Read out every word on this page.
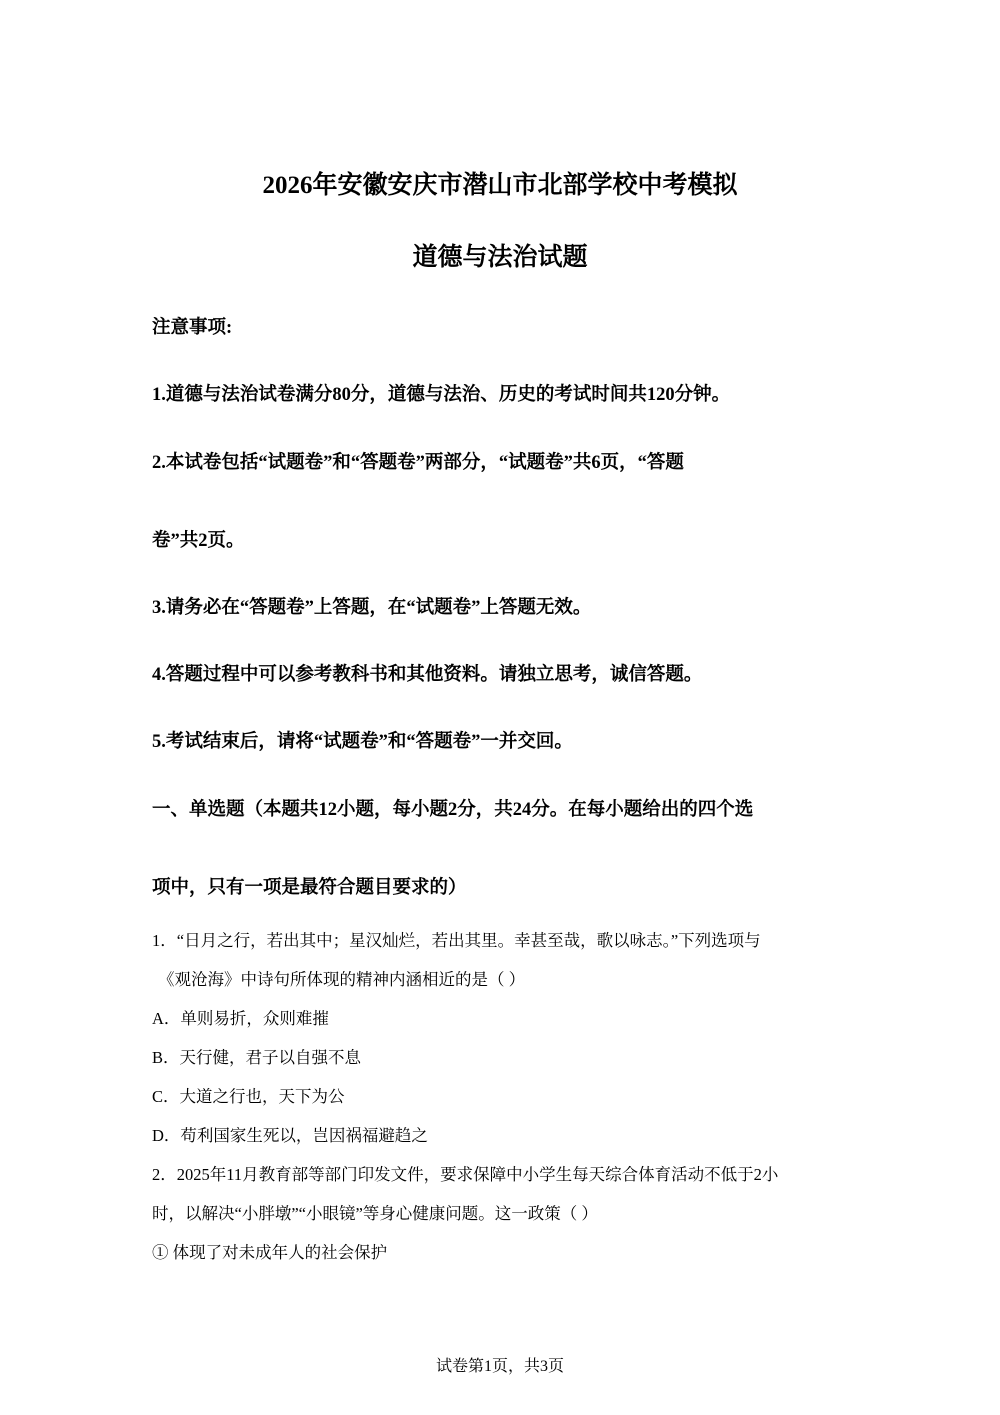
2026年安徽安庆市潜山市北部学校中考模拟
道德与法治试题
注意事项:
1.道德与法治试卷满分80分，道德与法治、历史的考试时间共120分钟。
2.本试卷包括“试题卷”和“答题卷”两部分，“试题卷”共6页，“答题
卷”共2页。
3.请务必在“答题卷”上答题，在“试题卷”上答题无效。
4.答题过程中可以参考教科书和其他资料。请独立思考，诚信答题。
5.考试结束后，请将“试题卷”和“答题卷”一并交回。
一、单选题（本题共12小题，每小题2分，共24分。在每小题给出的四个选
项中，只有一项是最符合题目要求的）
1．“日月之行，若出其中；星汉灿烂，若出其里。幸甚至哉，歌以咏志。”下列选项与
《观沧海》中诗句所体现的精神内涵相近的是（ ）
A．单则易折，众则难摧
B．天行健，君子以自强不息
C．大道之行也，天下为公
D．苟利国家生死以，岂因祸福避趋之
2．2025年11月教育部等部门印发文件，要求保障中小学生每天综合体育活动不低于2小
时，以解决“小胖墩”“小眼镜”等身心健康问题。这一政策（ ）
① 体现了对未成年人的社会保护
试卷第1页，共3页
